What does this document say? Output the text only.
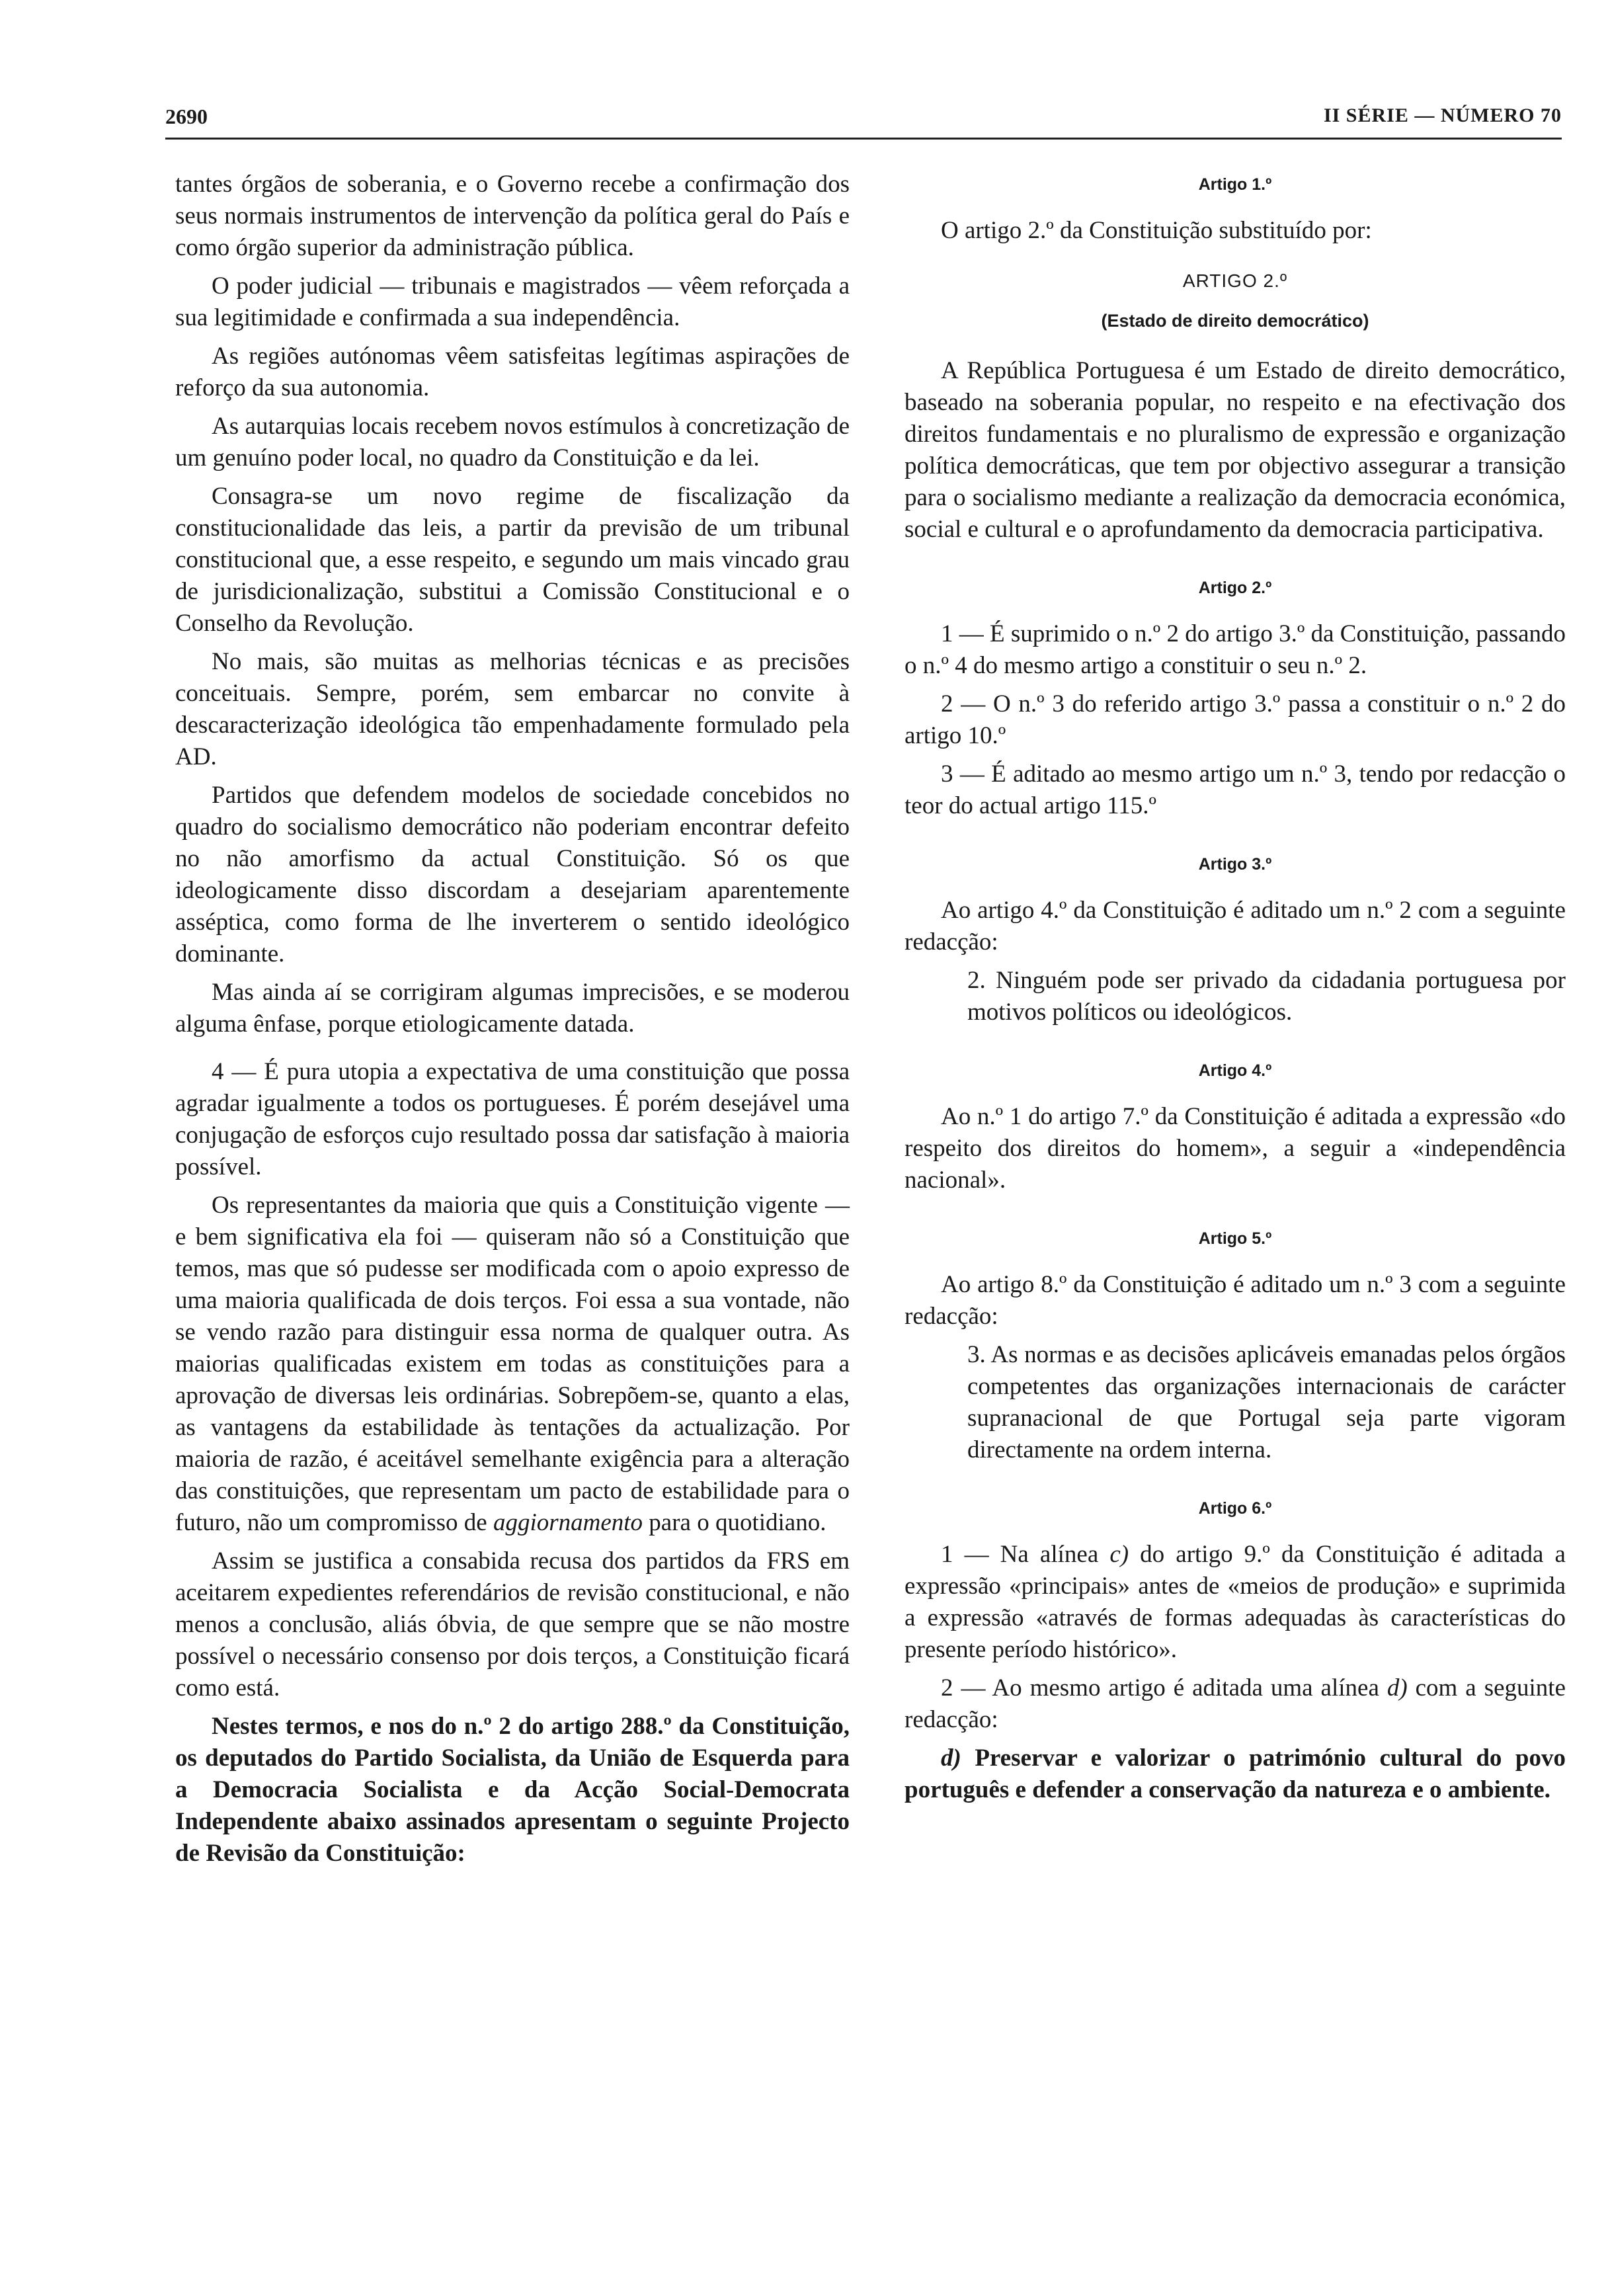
2690	II SÉRIE — NÚMERO 70

tantes órgãos de soberania, e o Governo recebe a confirmação dos seus normais instrumentos de intervenção da política geral do País e como órgão superior da administração pública.

O poder judicial — tribunais e magistrados — vêem reforçada a sua legitimidade e confirmada a sua independência.

As regiões autónomas vêem satisfeitas legítimas aspirações de reforço da sua autonomia.

As autarquias locais recebem novos estímulos à concretização de um genuíno poder local, no quadro da Constituição e da lei.

Consagra-se um novo regime de fiscalização da constitucionalidade das leis, a partir da previsão de um tribunal constitucional que, a esse respeito, e segundo um mais vincado grau de jurisdicionalização, substitui a Comissão Constitucional e o Conselho da Revolução.

No mais, são muitas as melhorias técnicas e as precisões conceituais. Sempre, porém, sem embarcar no convite à descaracterização ideológica tão empenhadamente formulado pela AD.

Partidos que defendem modelos de sociedade concebidos no quadro do socialismo democrático não poderiam encontrar defeito no não amorfismo da actual Constituição. Só os que ideologicamente disso discordam a desejariam aparentemente asséptica, como forma de lhe inverterem o sentido ideológico dominante.

Mas ainda aí se corrigiram algumas imprecisões, e se moderou alguma ênfase, porque etiologicamente datada.

4 — É pura utopia a expectativa de uma constituição que possa agradar igualmente a todos os portugueses. É porém desejável uma conjugação de esforços cujo resultado possa dar satisfação à maioria possível.

Os representantes da maioria que quis a Constituição vigente — e bem significativa ela foi — quiseram não só a Constituição que temos, mas que só pudesse ser modificada com o apoio expresso de uma maioria qualificada de dois terços. Foi essa a sua vontade, não se vendo razão para distinguir essa norma de qualquer outra. As maiorias qualificadas existem em todas as constituições para a aprovação de diversas leis ordinárias. Sobrepõem-se, quanto a elas, as vantagens da estabilidade às tentações da actualização. Por maioria de razão, é aceitável semelhante exigência para a alteração das constituições, que representam um pacto de estabilidade para o futuro, não um compromisso de aggiornamento para o quotidiano.

Assim se justifica a consabida recusa dos partidos da FRS em aceitarem expedientes referendários de revisão constitucional, e não menos a conclusão, aliás óbvia, de que sempre que se não mostre possível o necessário consenso por dois terços, a Constituição ficará como está.

Nestes termos, e nos do n.º 2 do artigo 288.º da Constituição, os deputados do Partido Socialista, da União de Esquerda para a Democracia Socialista e da Acção Social-Democrata Independente abaixo assinados apresentam o seguinte Projecto de Revisão da Constituição:

Artigo 1.º

O artigo 2.º da Constituição substituído por:

ARTIGO 2.º
(Estado de direito democrático)

A República Portuguesa é um Estado de direito democrático, baseado na soberania popular, no respeito e na efectivação dos direitos fundamentais e no pluralismo de expressão e organização política democráticas, que tem por objectivo assegurar a transição para o socialismo mediante a realização da democracia económica, social e cultural e o aprofundamento da democracia participativa.

Artigo 2.º

1 — É suprimido o n.º 2 do artigo 3.º da Constituição, passando o n.º 4 do mesmo artigo a constituir o seu n.º 2.

2 — O n.º 3 do referido artigo 3.º passa a constituir o n.º 2 do artigo 10.º

3 — É aditado ao mesmo artigo um n.º 3, tendo por redacção o teor do actual artigo 115.º

Artigo 3.º

Ao artigo 4.º da Constituição é aditado um n.º 2 com a seguinte redacção:

2. Ninguém pode ser privado da cidadania portuguesa por motivos políticos ou ideológicos.

Artigo 4.º

Ao n.º 1 do artigo 7.º da Constituição é aditada a expressão «do respeito dos direitos do homem», a seguir a «independência nacional».

Artigo 5.º

Ao artigo 8.º da Constituição é aditado um n.º 3 com a seguinte redacção:

3. As normas e as decisões aplicáveis emanadas pelos órgãos competentes das organizações internacionais de carácter supranacional de que Portugal seja parte vigoram directamente na ordem interna.

Artigo 6.º

1 — Na alínea c) do artigo 9.º da Constituição é aditada a expressão «principais» antes de «meios de produção» e suprimida a expressão «através de formas adequadas às características do presente período histórico».

2 — Ao mesmo artigo é aditada uma alínea d) com a seguinte redacção:

d) Preservar e valorizar o património cultural do povo português e defender a conservação da natureza e o ambiente.
